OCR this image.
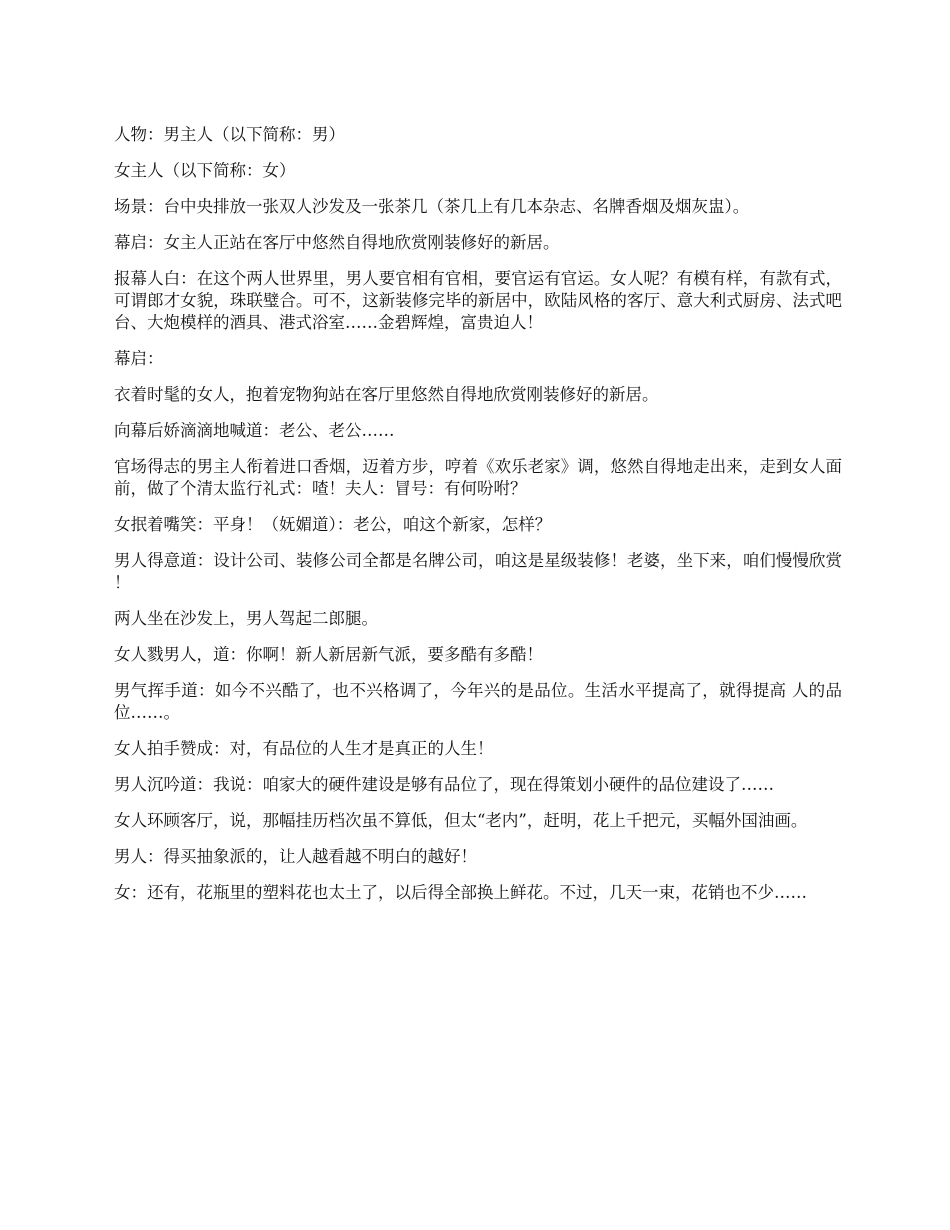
人物：男主人（以下简称：男）

女主人（以下简称：女）

场景：台中央排放一张双人沙发及一张茶几（茶几上有几本杂志、名牌香烟及烟灰盅）。

幕启：女主人正站在客厅中悠然自得地欣赏刚装修好的新居。

报幕人白：在这个两人世界里，男人要官相有官相，要官运有官运。女人呢？有模有样，有款有式，可谓郎才女貌，珠联璧合。可不，这新装修完毕的新居中，欧陆风格的客厅、意大利式厨房、法式吧台、大炮模样的酒具、港式浴室……金碧辉煌，富贵迫人！

幕启：

衣着时髦的女人，抱着宠物狗站在客厅里悠然自得地欣赏刚装修好的新居。

向幕后娇滴滴地喊道：老公、老公……

官场得志的男主人衔着进口香烟，迈着方步，哼着《欢乐老家》调，悠然自得地走出来，走到女人面前，做了个清太监行礼式：喳！夫人：冒号：有何吩咐？

女抿着嘴笑：平身！（妩媚道）：老公，咱这个新家，怎样？

男人得意道：设计公司、装修公司全都是名牌公司，咱这是星级装修！老婆，坐下来，咱们慢慢欣赏！

两人坐在沙发上，男人驾起二郎腿。

女人戮男人，道：你啊！新人新居新气派，要多酷有多酷！

男气挥手道：如今不兴酷了，也不兴格调了，今年兴的是品位。生活水平提高了，就得提高 人的品位……。

女人拍手赞成：对，有品位的人生才是真正的人生！

男人沉吟道：我说：咱家大的硬件建设是够有品位了，现在得策划小硬件的品位建设了……

女人环顾客厅，说，那幅挂历档次虽不算低，但太“老内”，赶明，花上千把元，买幅外国油画。

男人：得买抽象派的，让人越看越不明白的越好！

女：还有，花瓶里的塑料花也太土了，以后得全部换上鲜花。不过，几天一束，花销也不少……
